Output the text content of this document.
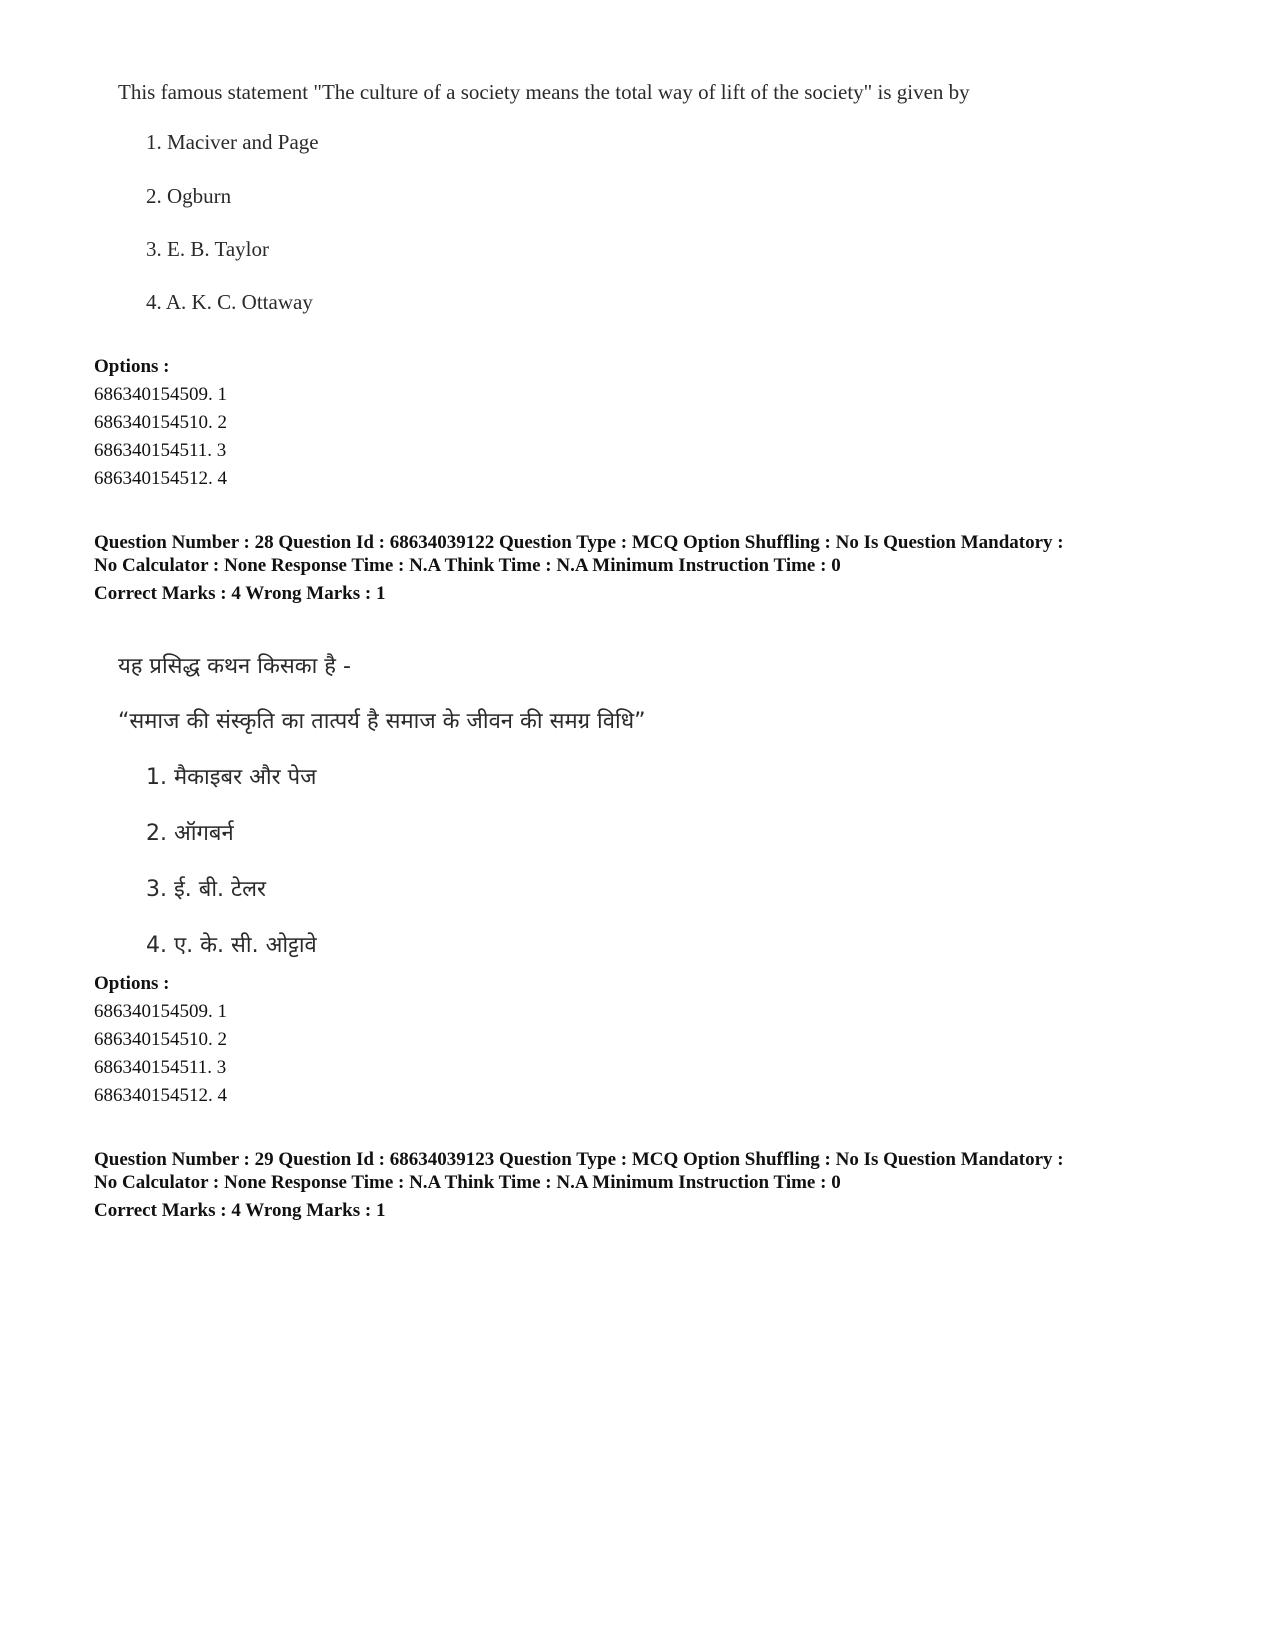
This famous statement "The culture of a society means the total way of lift of the society" is given by

1. Maciver and Page

2. Ogburn

3. E. B. Taylor

4. A. K. C. Ottaway

Options :
686340154509. 1
686340154510. 2
686340154511. 3
686340154512. 4
Question Number : 28 Question Id : 68634039122 Question Type : MCQ Option Shuffling : No Is Question Mandatory :
No Calculator : None Response Time : N.A Think Time : N.A Minimum Instruction Time : 0
Correct Marks : 4 Wrong Marks : 1

यह प्रसिद्ध कथन किसका है -

“समाज की संस्कृति का तात्पर्य है समाज के जीवन की समग्र विधि”

1. मैकाइबर और पेज

2. ऑगबर्न

3. ई. बी. टेलर

4. ए. के. सी. ओट्टावे

Options :
686340154509. 1
686340154510. 2
686340154511. 3
686340154512. 4
Question Number : 29 Question Id : 68634039123 Question Type : MCQ Option Shuffling : No Is Question Mandatory :
No Calculator : None Response Time : N.A Think Time : N.A Minimum Instruction Time : 0
Correct Marks : 4 Wrong Marks : 1
